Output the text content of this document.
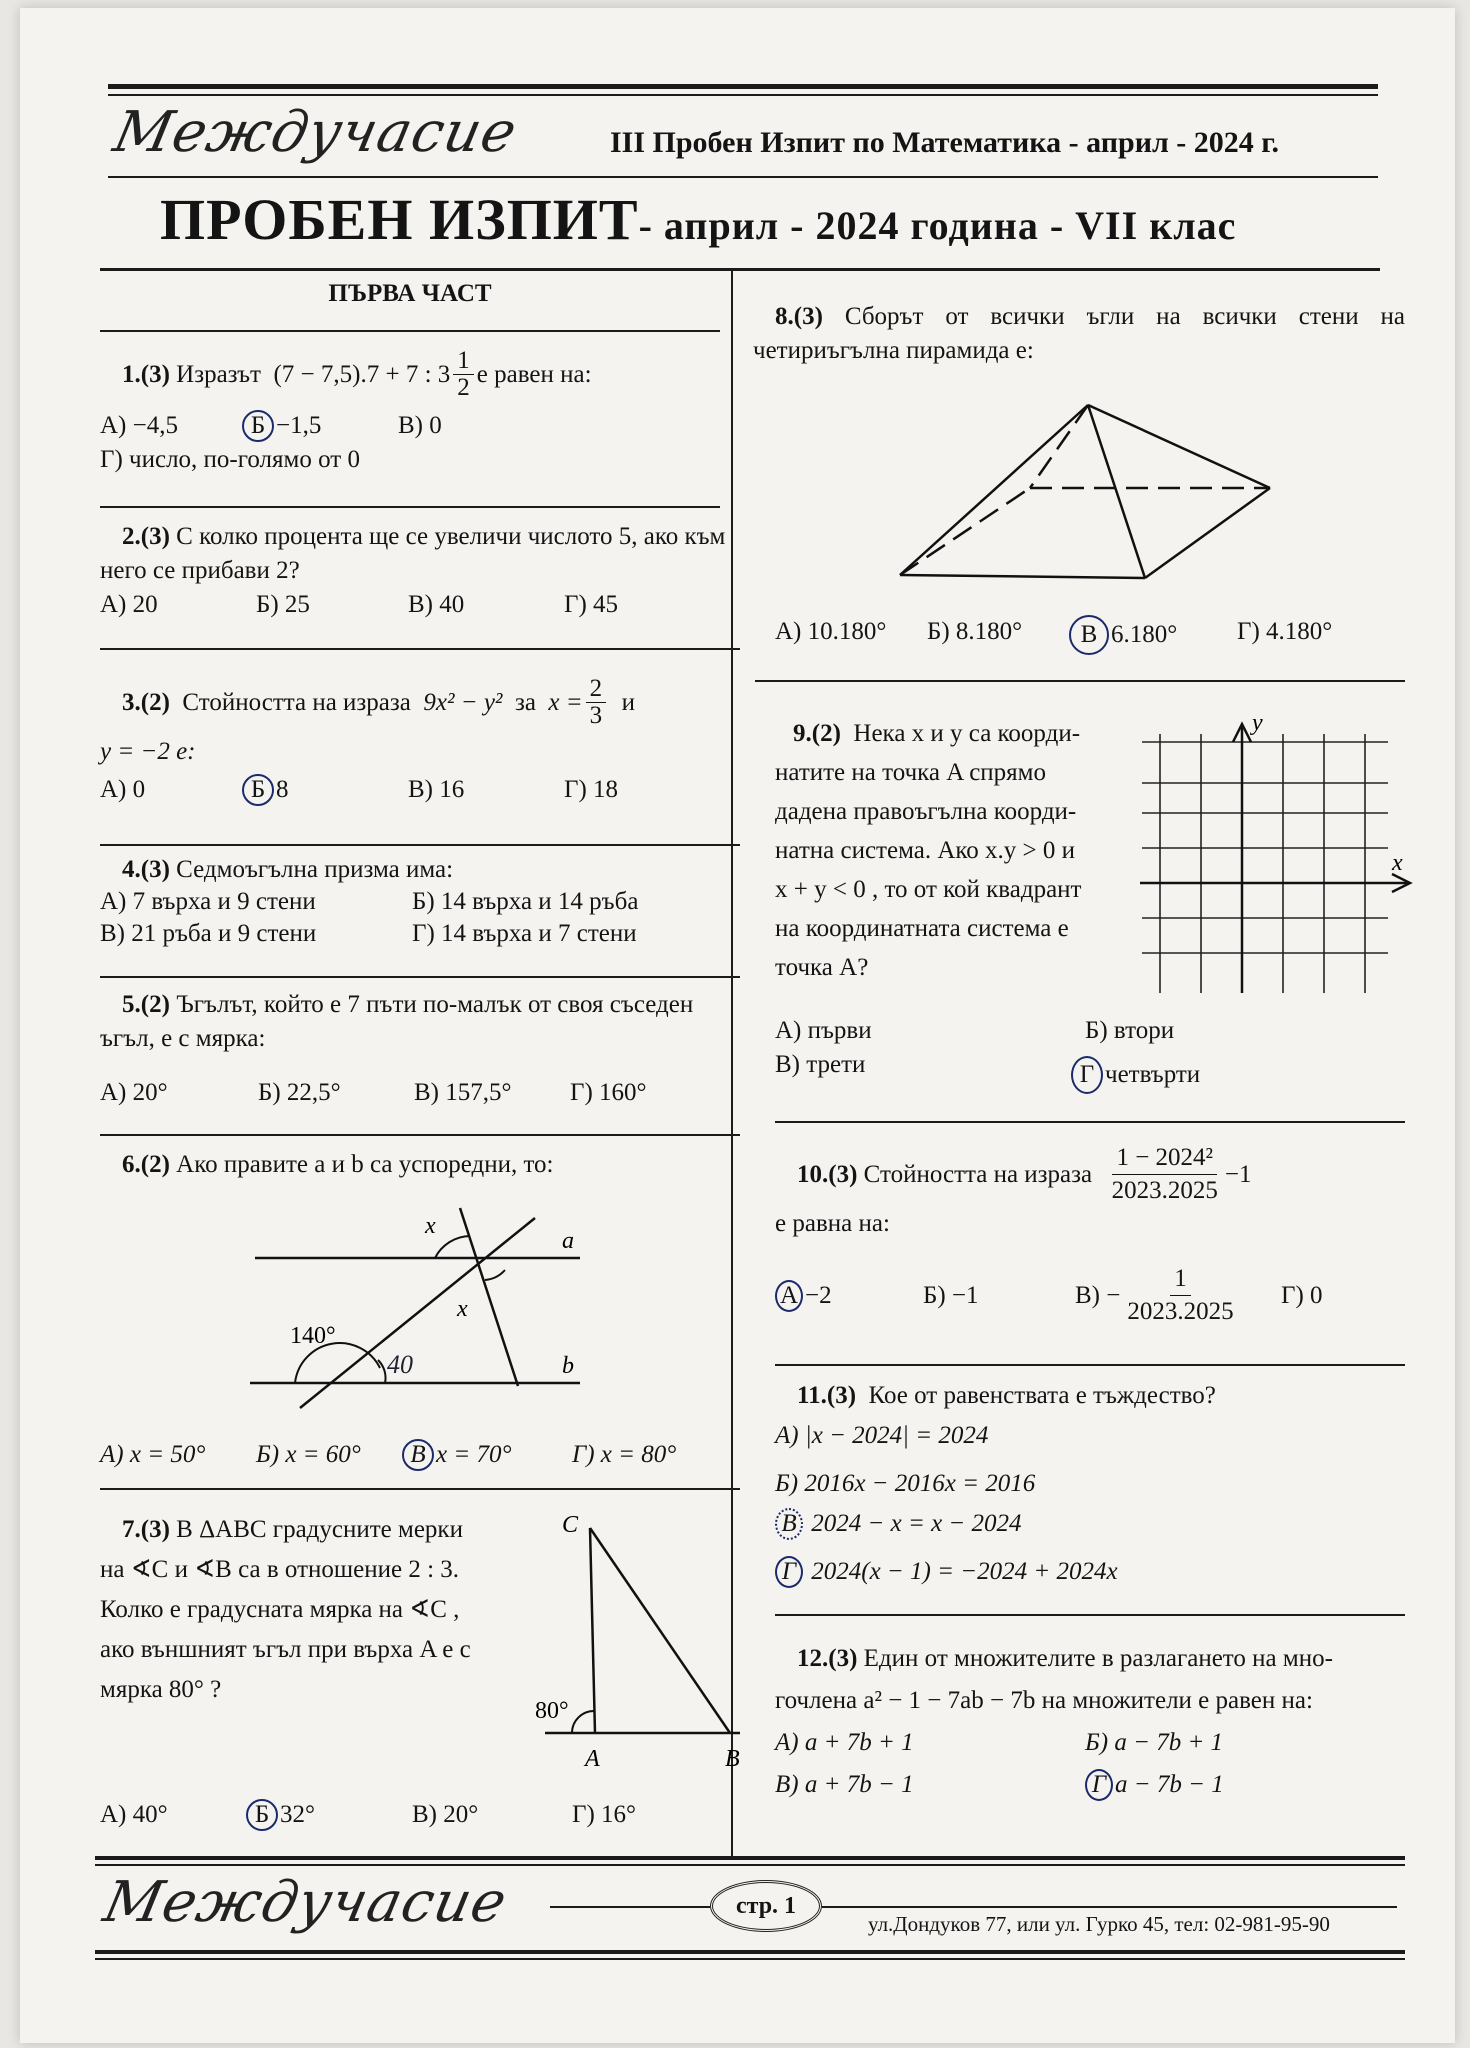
Междучасие	III Пробен Изпит по Математика - април - 2024 г.
ПРОБЕН ИЗПИТ- април - 2024 година - VII клас
ПЪРВА ЧАСТ
1.(3)
Изразът
(7 − 7,5).7 + 7 : $3 \frac{1}{2}$ е равен на:
А) −4,5	Б −1,5	В) 0
Г) число, по-голямо от 0
2.(3) С колко процента ще се увеличи числото 5, ако към него се прибави 2?
А) 20	Б) 25	В) 40	Г) 45
3.(2)
Стойността на израза
9x² − y²
за
$x = \frac{2}{3}$
и
y = −2 е:
А) 0	Б 8	В) 16	Г) 18
4.(3) Седмоъгълна призма има:
А) 7 върха и 9 стени	Б) 14 върха и 14 ръба
В) 21 ръба и 9 стени	Г) 14 върха и 7 стени
5.(2) Ъгълът, който е 7 пъти по-малък от своя съседен ъгъл, е с мярка:
А) 20°	Б) 22,5°	В) 157,5°	Г) 160°
6.(2) Ако правите a и b са успоредни, то:
x
a
x
140°
40	b
А) x = 50°	Б) x = 60°	В x = 70°	Г) x = 80°
7.(3) В ΔABC градусните мерки на ∢C и ∢B са в отношение 2 : 3. Колко е градусната мярка на ∢C , ако външният ъгъл при върха A е с мярка 80° ?
C
A	B
80°
А) 40°	Б 32°	В) 20°	Г) 16°
8.(3) Сборът от всички ъгли на всички стени на четириъгълна пирамида е:
А) 10.180°	Б) 8.180°	В 6.180°	Г) 4.180°
9.(2) Нека x и y са коорди-
натите на точка A спрямо
дадена правоъгълна коорди-
натна система. Ако x.y > 0 и
x + y < 0 , то от кой квадрант
на координатната система е
точка A?
y
x
А) първи	Б) втори
В) трети	Г четвърти
10.(3)
Стойността на израза
$\frac{\text{1 − 2024²}}{2023.2025} -1$
е равна на:
А −2	Б) −1	$В) - \frac{1}{2023.2025} Г$) 0
11.(3) Кое от равенствата е тъждество?
А) |x − 2024| = 2024
Б) 2016x − 2016x = 2016
В 2024 − x = x − 2024
Г 2024(x − 1) = −2024 + 2024x
12.(3) Един от множителите в разлагането на мно-
гочлена a² − 1 − 7ab − 7b на множители е равен на:
А) a + 7b + 1	Б) a − 7b + 1
В) a + 7b − 1	Г a − 7b − 1
Междучасие	стр. 1
ул.Дондуков 77, или ул. Гурко 45, тел: 02-981-95-90
